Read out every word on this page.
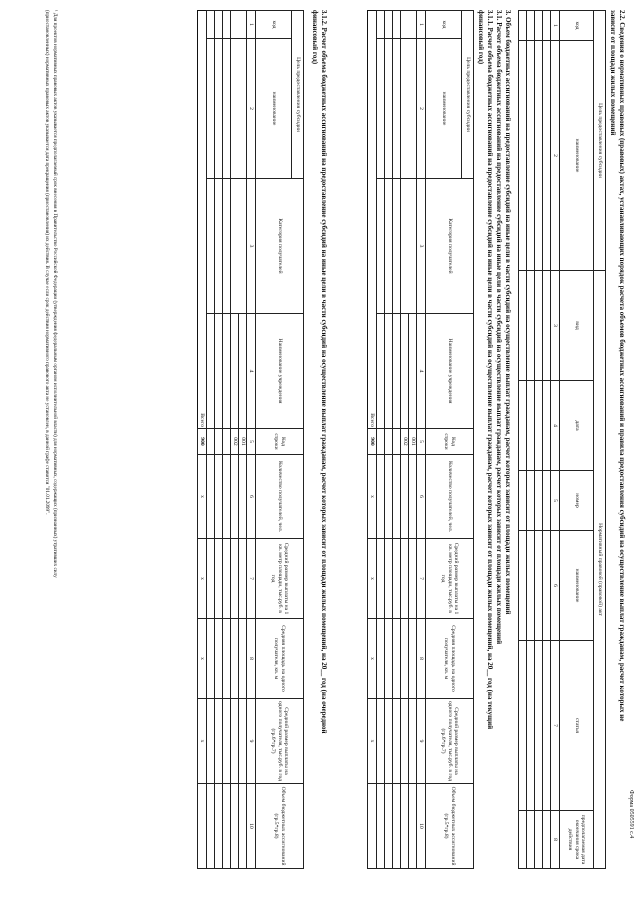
Форма 0505591 с.4
2.2. Сведения о нормативных правовых (правовых) актах, устанавливающих порядок расчета объемов бюджетных ассигнований и правила предоставления субсидий на осуществление выплат гражданам, расчет которых не
зависит от площади жилых помещений
Цель предоставления субсидии		Нормативный правовой (правовой) акт					
код	наименование	вид	дата	номер	наименование	статья	предполагаемая дата окончания срока действия
1	2	3	4	5	6	7	8

3. Объем бюджетных ассигнований на предоставление субсидий на иные цели в части субсидий на осуществление выплат гражданам, расчет которых зависит от площади жилых помещений
3.1. Расчет объема бюджетных ассигнований на предоставление субсидий на иные цели в части субсидий на осуществление выплат гражданам, расчет которых зависит от площади жилых помещений
3.1.1. Расчет объема бюджетных ассигнований на предоставление субсидий на иные цели в части субсидий на осуществление выплат гражданам, расчет которых зависит от площади жилых помещений, на 20__ год (на текущий
финансовый год)
Цель предоставления субсидии		Категория получателей	Наименование учреждения	Код строки	Количество получателей, чел.	Средний размер выплаты на 1 кв. метр площади, тыс.руб. в год	Средняя площадь на одного получателя, кв. м	Средний размер выплаты на одного получателя, тыс.руб. в год (гр.6*гр.7)	Объем бюджетных ассигнований (гр.5*гр.8)
код	наименование								
1	2	3	4	5	6	7	8	9	10
				001					
				002					

Всего				900	x	x	x	x	
3.1.2. Расчет объема бюджетных ассигнований на предоставление субсидий на иные цели в части субсидий на осуществление выплат гражданам, расчет которых зависит от площади жилых помещений, на 20__ год (на очередной
финансовый год)
Цель предоставления субсидии		Категория получателей	Наименование учреждения	Код строки	Количество получателей, чел.	Средний размер выплаты на 1 кв. метр площади, тыс.руб. в год	Средняя площадь на одного получателя, кв. м	Средний размер выплаты на одного получателя, тыс.руб. в год (гр.6*гр.7)	Объем бюджетных ассигнований (гр.5*гр.8)
код	наименование								
1	2	3	4	5	6	7	8	9	10
				001					
				002					

Всего				900	x	x	x	x	
¹ Для проектов нормативных правовых актов указывается предполагаемый срок внесения в Правительство Российской Федерации (утверждения федеральным органом исполнительной власти) для нормативных, содержащих (признанных) утративших силу
(приостановленных) нормативных правовых актов указывается дата прекращения (приостановления) их действия. В случае если срок действия нормативного правового акта не установлен, в данной графе ставится "01.01.2099".
